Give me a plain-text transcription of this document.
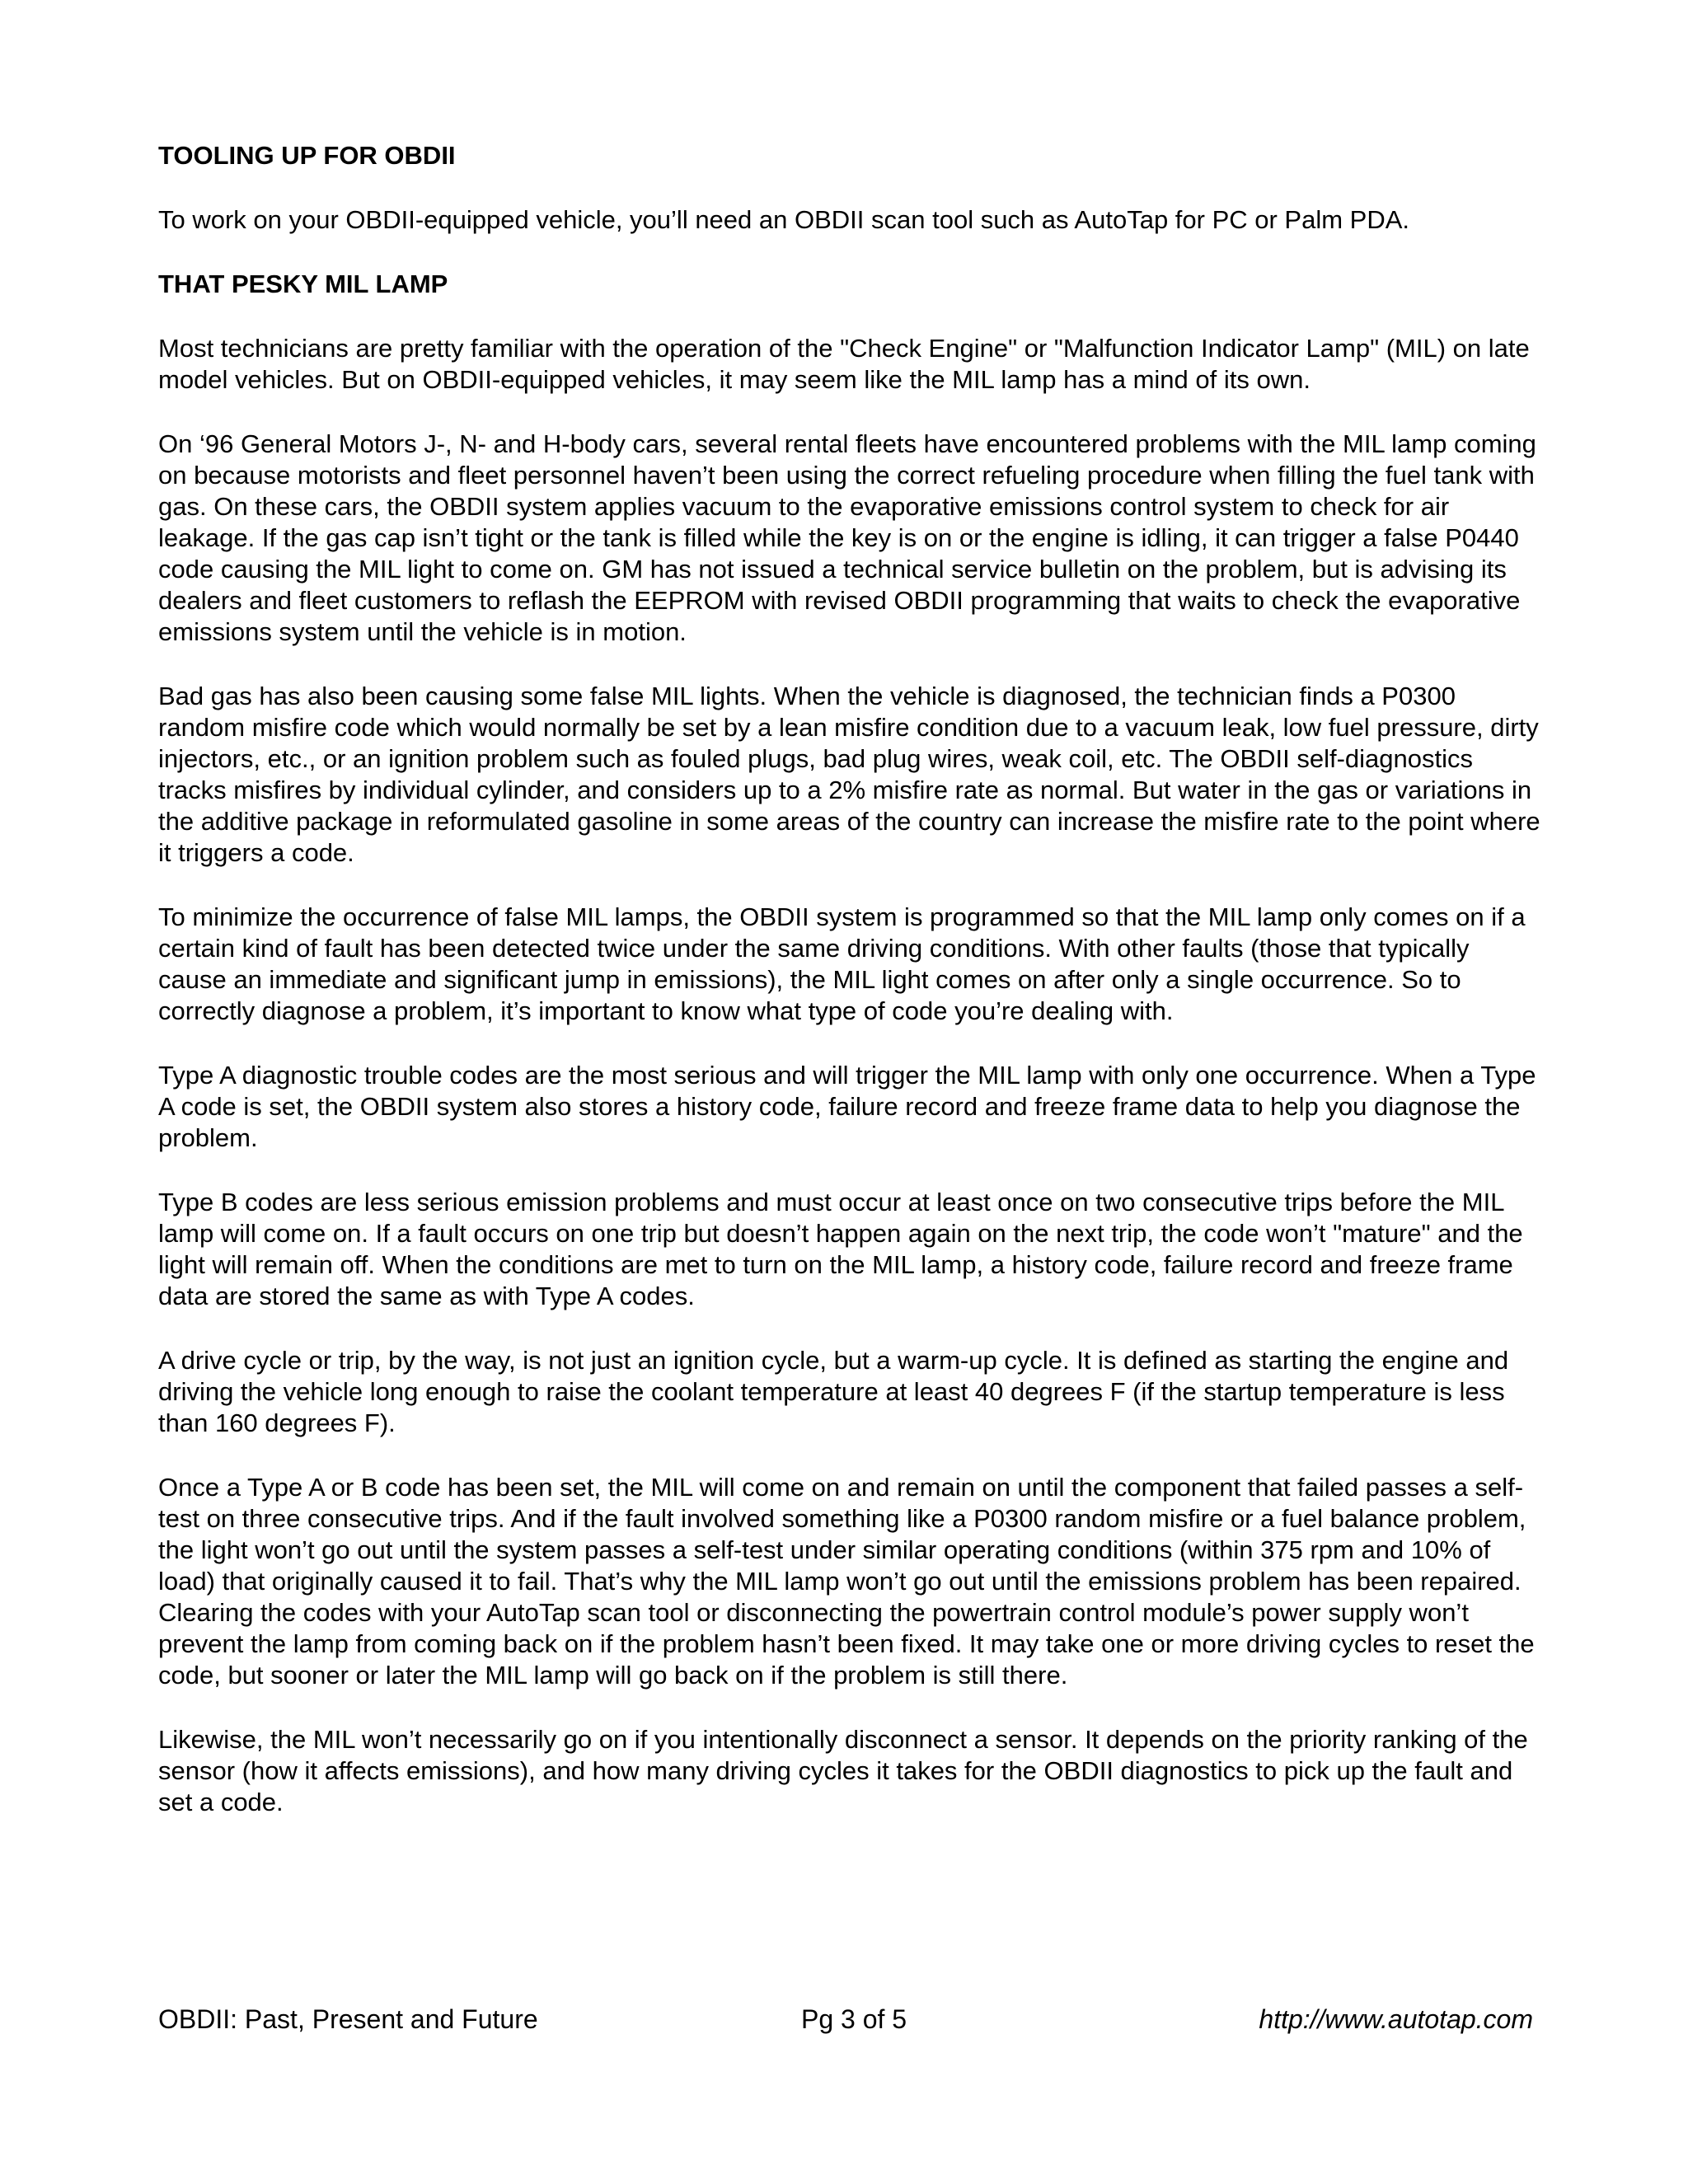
TOOLING UP FOR OBDII

To work on your OBDII-equipped vehicle, you’ll need an OBDII scan tool such as AutoTap for PC or Palm PDA.

THAT PESKY MIL LAMP

Most technicians are pretty familiar with the operation of the "Check Engine" or "Malfunction Indicator Lamp" (MIL) on late model vehicles. But on OBDII-equipped vehicles, it may seem like the MIL lamp has a mind of its own.

On ‘96 General Motors J-, N- and H-body cars, several rental fleets have encountered problems with the MIL lamp coming on because motorists and fleet personnel haven’t been using the correct refueling procedure when filling the fuel tank with gas. On these cars, the OBDII system applies vacuum to the evaporative emissions control system to check for air leakage. If the gas cap isn’t tight or the tank is filled while the key is on or the engine is idling, it can trigger a false P0440 code causing the MIL light to come on. GM has not issued a technical service bulletin on the problem, but is advising its dealers and fleet customers to reflash the EEPROM with revised OBDII programming that waits to check the evaporative emissions system until the vehicle is in motion.

Bad gas has also been causing some false MIL lights. When the vehicle is diagnosed, the technician finds a P0300 random misfire code which would normally be set by a lean misfire condition due to a vacuum leak, low fuel pressure, dirty injectors, etc., or an ignition problem such as fouled plugs, bad plug wires, weak coil, etc. The OBDII self-diagnostics tracks misfires by individual cylinder, and considers up to a 2% misfire rate as normal. But water in the gas or variations in the additive package in reformulated gasoline in some areas of the country can increase the misfire rate to the point where it triggers a code.

To minimize the occurrence of false MIL lamps, the OBDII system is programmed so that the MIL lamp only comes on if a certain kind of fault has been detected twice under the same driving conditions. With other faults (those that typically cause an immediate and significant jump in emissions), the MIL light comes on after only a single occurrence. So to correctly diagnose a problem, it’s important to know what type of code you’re dealing with.

Type A diagnostic trouble codes are the most serious and will trigger the MIL lamp with only one occurrence. When a Type A code is set, the OBDII system also stores a history code, failure record and freeze frame data to help you diagnose the problem.

Type B codes are less serious emission problems and must occur at least once on two consecutive trips before the MIL lamp will come on. If a fault occurs on one trip but doesn’t happen again on the next trip, the code won’t "mature" and the light will remain off. When the conditions are met to turn on the MIL lamp, a history code, failure record and freeze frame data are stored the same as with Type A codes.

A drive cycle or trip, by the way, is not just an ignition cycle, but a warm-up cycle. It is defined as starting the engine and driving the vehicle long enough to raise the coolant temperature at least 40 degrees F (if the startup temperature is less than 160 degrees F).

Once a Type A or B code has been set, the MIL will come on and remain on until the component that failed passes a self-test on three consecutive trips. And if the fault involved something like a P0300 random misfire or a fuel balance problem, the light won’t go out until the system passes a self-test under similar operating conditions (within 375 rpm and 10% of load) that originally caused it to fail. That’s why the MIL lamp won’t go out until the emissions problem has been repaired. Clearing the codes with your AutoTap scan tool or disconnecting the powertrain control module’s power supply won’t prevent the lamp from coming back on if the problem hasn’t been fixed. It may take one or more driving cycles to reset the code, but sooner or later the MIL lamp will go back on if the problem is still there.

Likewise, the MIL won’t necessarily go on if you intentionally disconnect a sensor. It depends on the priority ranking of the sensor (how it affects emissions), and how many driving cycles it takes for the OBDII diagnostics to pick up the fault and set a code.

OBDII: Past, Present and Future	Pg 3 of 5	http://www.autotap.com
